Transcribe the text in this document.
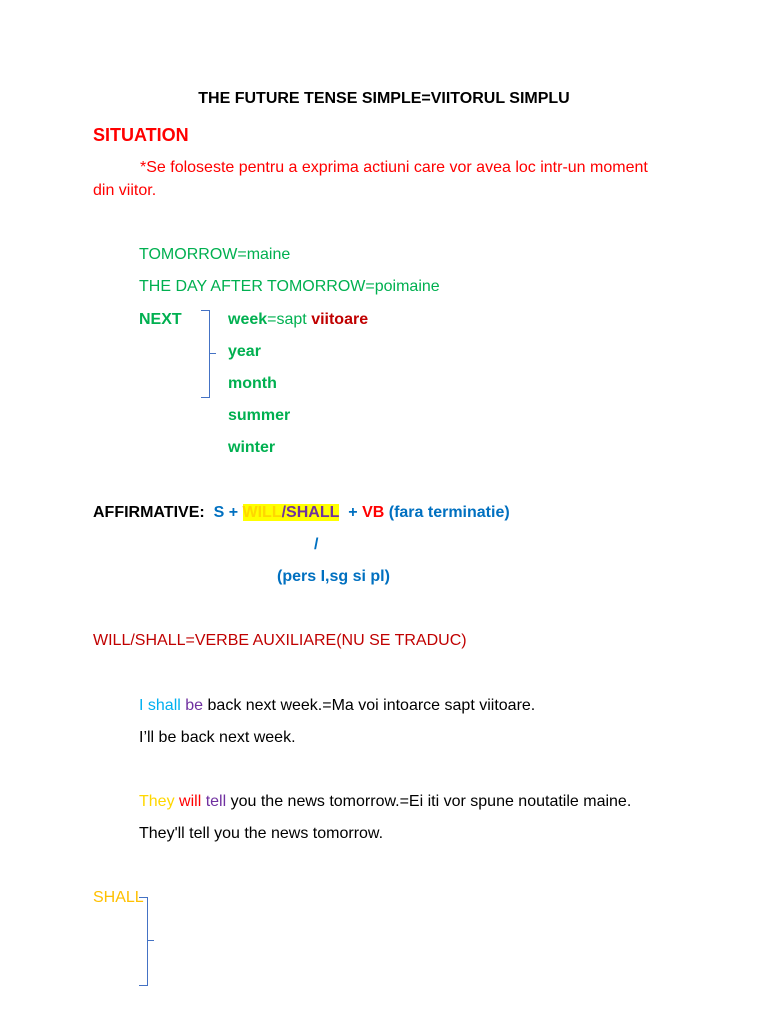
THE FUTURE TENSE SIMPLE=VIITORUL SIMPLU
SITUATION
*Se foloseste pentru a exprima actiuni care vor avea loc intr-un moment
din viitor.
TOMORROW=maine
THE DAY AFTER TOMORROW=poimaine
NEXT	week=sapt viitoare
year
month
summer
winter
AFFIRMATIVE: S + WILL/SHALL + VB (fara terminatie)
/
(pers I,sg si pl)
WILL/SHALL=VERBE AUXILIARE(NU SE TRADUC)
I shall be back next week.=Ma voi intoarce sapt viitoare.
I’ll be back next week.
They will tell you the news tomorrow.=Ei iti vor spune noutatile maine.
They'll tell you the news tomorrow.
SHALL
